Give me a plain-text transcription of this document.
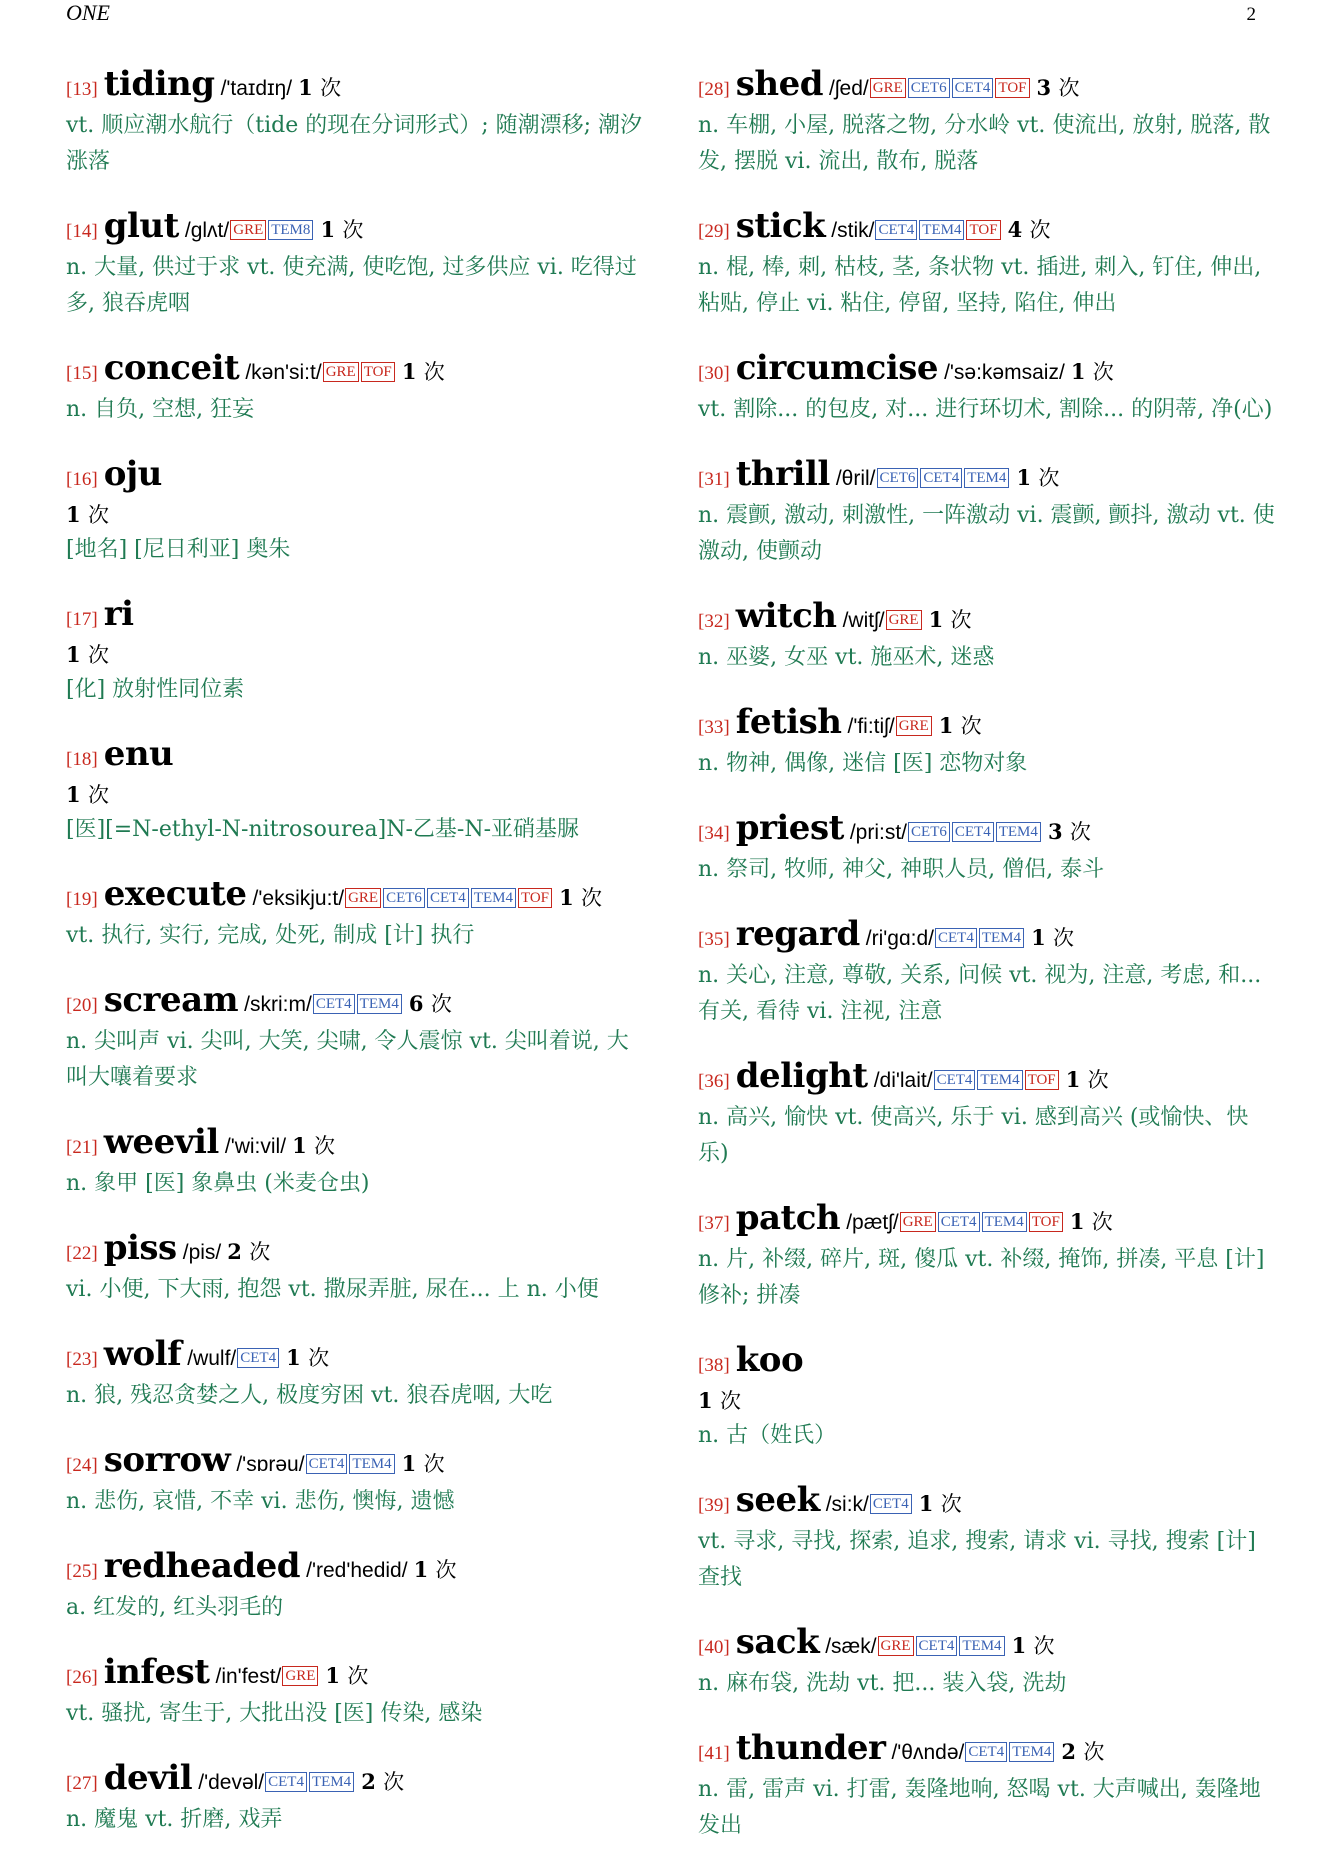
ONE	2
[13] tiding /'taɪdɪŋ/ 1 次
vt. 顺应潮水航行（tide 的现在分词形式）; 随潮漂移; 潮汐涨落
[14] glut /glʌt/ GRE TEM8 1 次
n. 大量, 供过于求 vt. 使充满, 使吃饱, 过多供应 vi. 吃得过多, 狼吞虎咽
[15] conceit /kən'si:t/ GRE TOF 1 次
n. 自负, 空想, 狂妄
[16] oju
1 次
[地名] [尼日利亚] 奥朱
[17] ri
1 次
[化] 放射性同位素
[18] enu
1 次
[医][=N-ethyl-N-nitrosourea]N-乙基-N-亚硝基脲
[19] execute /'eksikju:t/ GRE CET6 CET4 TEM4 TOF 1 次
vt. 执行, 实行, 完成, 处死, 制成 [计] 执行
[20] scream /skri:m/ CET4 TEM4 6 次
n. 尖叫声 vi. 尖叫, 大笑, 尖啸, 令人震惊 vt. 尖叫着说, 大叫大嚷着要求
[21] weevil /'wi:vil/ 1 次
n. 象甲 [医] 象鼻虫 (米麦仓虫)
[22] piss /pis/ 2 次
vi. 小便, 下大雨, 抱怨 vt. 撒尿弄脏, 尿在... 上 n. 小便
[23] wolf /wulf/ CET4 1 次
n. 狼, 残忍贪婪之人, 极度穷困 vt. 狼吞虎咽, 大吃
[24] sorrow /'sɒrəu/ CET4 TEM4 1 次
n. 悲伤, 哀惜, 不幸 vi. 悲伤, 懊悔, 遗憾
[25] redheaded /'red'hedid/ 1 次
a. 红发的, 红头羽毛的
[26] infest /in'fest/ GRE 1 次
vt. 骚扰, 寄生于, 大批出没 [医] 传染, 感染
[27] devil /'devəl/ CET4 TEM4 2 次
n. 魔鬼 vt. 折磨, 戏弄
[28] shed /ʃed/ GRE CET6 CET4 TOF 3 次
n. 车棚, 小屋, 脱落之物, 分水岭 vt. 使流出, 放射, 脱落, 散发, 摆脱 vi. 流出, 散布, 脱落
[29] stick /stik/ CET4 TEM4 TOF 4 次
n. 棍, 棒, 刺, 枯枝, 茎, 条状物 vt. 插进, 刺入, 钉住, 伸出, 粘贴, 停止 vi. 粘住, 停留, 坚持, 陷住, 伸出
[30] circumcise /'sə:kəmsaiz/ 1 次
vt. 割除... 的包皮, 对... 进行环切术, 割除... 的阴蒂, 净(心)
[31] thrill /θril/ CET6 CET4 TEM4 1 次
n. 震颤, 激动, 刺激性, 一阵激动 vi. 震颤, 颤抖, 激动 vt. 使激动, 使颤动
[32] witch /witʃ/ GRE 1 次
n. 巫婆, 女巫 vt. 施巫术, 迷惑
[33] fetish /'fi:tiʃ/ GRE 1 次
n. 物神, 偶像, 迷信 [医] 恋物对象
[34] priest /pri:st/ CET6 CET4 TEM4 3 次
n. 祭司, 牧师, 神父, 神职人员, 僧侣, 泰斗
[35] regard /ri'gɑ:d/ CET4 TEM4 1 次
n. 关心, 注意, 尊敬, 关系, 问候 vt. 视为, 注意, 考虑, 和... 有关, 看待 vi. 注视, 注意
[36] delight /di'lait/ CET4 TEM4 TOF 1 次
n. 高兴, 愉快 vt. 使高兴, 乐于 vi. 感到高兴 (或愉快、快乐)
[37] patch /pætʃ/ GRE CET4 TEM4 TOF 1 次
n. 片, 补缀, 碎片, 斑, 傻瓜 vt. 补缀, 掩饰, 拼凑, 平息 [计] 修补; 拼凑
[38] koo
1 次
n. 古（姓氏）
[39] seek /si:k/ CET4 1 次
vt. 寻求, 寻找, 探索, 追求, 搜索, 请求 vi. 寻找, 搜索 [计] 查找
[40] sack /sæk/ GRE CET4 TEM4 1 次
n. 麻布袋, 洗劫 vt. 把... 装入袋, 洗劫
[41] thunder /'θʌndə/ CET4 TEM4 2 次
n. 雷, 雷声 vi. 打雷, 轰隆地响, 怒喝 vt. 大声喊出, 轰隆地发出
